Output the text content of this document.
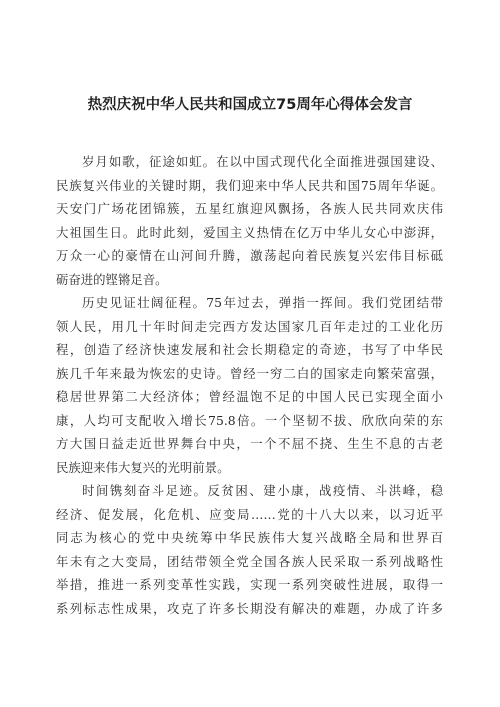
热烈庆祝中华人民共和国成立75周年心得体会发言
岁月如歌，征途如虹。在以中国式现代化全面推进强国建设、
民族复兴伟业的关键时期，我们迎来中华人民共和国75周年华诞。
天安门广场花团锦簇，五星红旗迎风飘扬，各族人民共同欢庆伟
大祖国生日。此时此刻，爱国主义热情在亿万中华儿女心中澎湃，
万众一心的豪情在山河间升腾，激荡起向着民族复兴宏伟目标砥
砺奋进的铿锵足音。
历史见证壮阔征程。75年过去，弹指一挥间。我们党团结带
领人民，用几十年时间走完西方发达国家几百年走过的工业化历
程，创造了经济快速发展和社会长期稳定的奇迹，书写了中华民
族几千年来最为恢宏的史诗。曾经一穷二白的国家走向繁荣富强，
稳居世界第二大经济体；曾经温饱不足的中国人民已实现全面小
康，人均可支配收入增长75.8倍。一个坚韧不拔、欣欣向荣的东
方大国日益走近世界舞台中央，一个不屈不挠、生生不息的古老
民族迎来伟大复兴的光明前景。
时间镌刻奋斗足迹。反贫困、建小康，战疫情、斗洪峰，稳
经济、促发展，化危机、应变局……党的十八大以来，以习近平
同志为核心的党中央统筹中华民族伟大复兴战略全局和世界百
年未有之大变局，团结带领全党全国各族人民采取一系列战略性
举措，推进一系列变革性实践，实现一系列突破性进展，取得一
系列标志性成果，攻克了许多长期没有解决的难题，办成了许多
